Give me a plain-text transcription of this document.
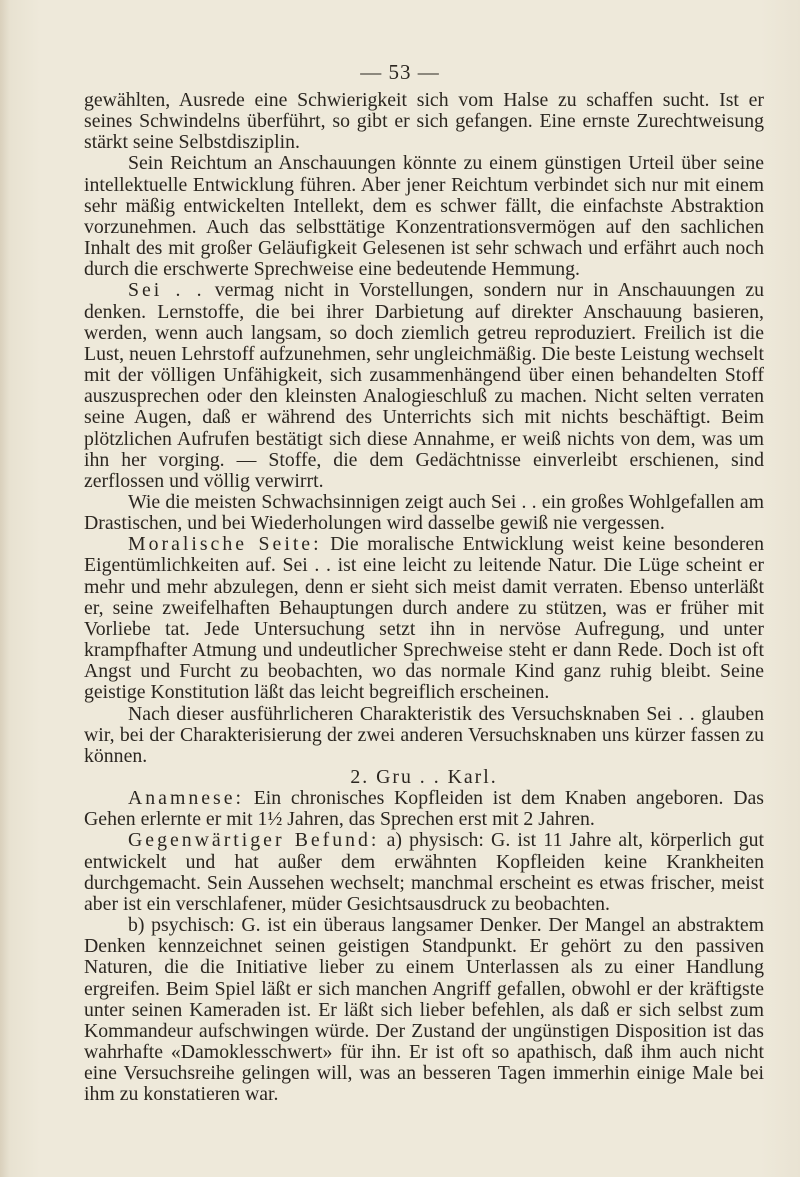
— 53 —

gewählten, Ausrede eine Schwierigkeit sich vom Halse zu schaffen sucht. Ist er seines Schwindelns überführt, so gibt er sich gefangen. Eine ernste Zurechtweisung stärkt seine Selbstdisziplin.

Sein Reichtum an Anschauungen könnte zu einem günstigen Urteil über seine intellektuelle Entwicklung führen. Aber jener Reichtum verbindet sich nur mit einem sehr mäßig entwickelten Intellekt, dem es schwer fällt, die einfachste Abstraktion vorzunehmen. Auch das selbsttätige Konzentrationsvermögen auf den sachlichen Inhalt des mit großer Geläufigkeit Gelesenen ist sehr schwach und erfährt auch noch durch die erschwerte Sprechweise eine bedeutende Hemmung.

Sei . . vermag nicht in Vorstellungen, sondern nur in Anschauungen zu denken. Lernstoffe, die bei ihrer Darbietung auf direkter Anschauung basieren, werden, wenn auch langsam, so doch ziemlich getreu reproduziert. Freilich ist die Lust, neuen Lehrstoff aufzunehmen, sehr ungleichmäßig. Die beste Leistung wechselt mit der völligen Unfähigkeit, sich zusammenhängend über einen behandelten Stoff auszusprechen oder den kleinsten Analogieschluß zu machen. Nicht selten verraten seine Augen, daß er während des Unterrichts sich mit nichts beschäftigt. Beim plötzlichen Aufrufen bestätigt sich diese Annahme, er weiß nichts von dem, was um ihn her vorging. — Stoffe, die dem Gedächtnisse einverleibt erschienen, sind zerflossen und völlig verwirrt.

Wie die meisten Schwachsinnigen zeigt auch Sei . . ein großes Wohlgefallen am Drastischen, und bei Wiederholungen wird dasselbe gewiß nie vergessen.

Moralische Seite: Die moralische Entwicklung weist keine besonderen Eigentümlichkeiten auf. Sei . . ist eine leicht zu leitende Natur. Die Lüge scheint er mehr und mehr abzulegen, denn er sieht sich meist damit verraten. Ebenso unterläßt er, seine zweifelhaften Behauptungen durch andere zu stützen, was er früher mit Vorliebe tat. Jede Untersuchung setzt ihn in nervöse Aufregung, und unter krampfhafter Atmung und undeutlicher Sprechweise steht er dann Rede. Doch ist oft Angst und Furcht zu beobachten, wo das normale Kind ganz ruhig bleibt. Seine geistige Konstitution läßt das leicht begreiflich erscheinen.

Nach dieser ausführlicheren Charakteristik des Versuchsknaben Sei . . glauben wir, bei der Charakterisierung der zwei anderen Versuchsknaben uns kürzer fassen zu können.

2. Gru . . Karl.

Anamnese: Ein chronisches Kopfleiden ist dem Knaben angeboren. Das Gehen erlernte er mit 1½ Jahren, das Sprechen erst mit 2 Jahren.

Gegenwärtiger Befund: a) physisch: G. ist 11 Jahre alt, körperlich gut entwickelt und hat außer dem erwähnten Kopfleiden keine Krankheiten durchgemacht. Sein Aussehen wechselt; manchmal erscheint es etwas frischer, meist aber ist ein verschlafener, müder Gesichtsausdruck zu beobachten.

b) psychisch: G. ist ein überaus langsamer Denker. Der Mangel an abstraktem Denken kennzeichnet seinen geistigen Standpunkt. Er gehört zu den passiven Naturen, die die Initiative lieber zu einem Unterlassen als zu einer Handlung ergreifen. Beim Spiel läßt er sich manchen Angriff gefallen, obwohl er der kräftigste unter seinen Kameraden ist. Er läßt sich lieber befehlen, als daß er sich selbst zum Kommandeur aufschwingen würde. Der Zustand der ungünstigen Disposition ist das wahrhafte «Damoklesschwert» für ihn. Er ist oft so apathisch, daß ihm auch nicht eine Versuchsreihe gelingen will, was an besseren Tagen immerhin einige Male bei ihm zu konstatieren war.
